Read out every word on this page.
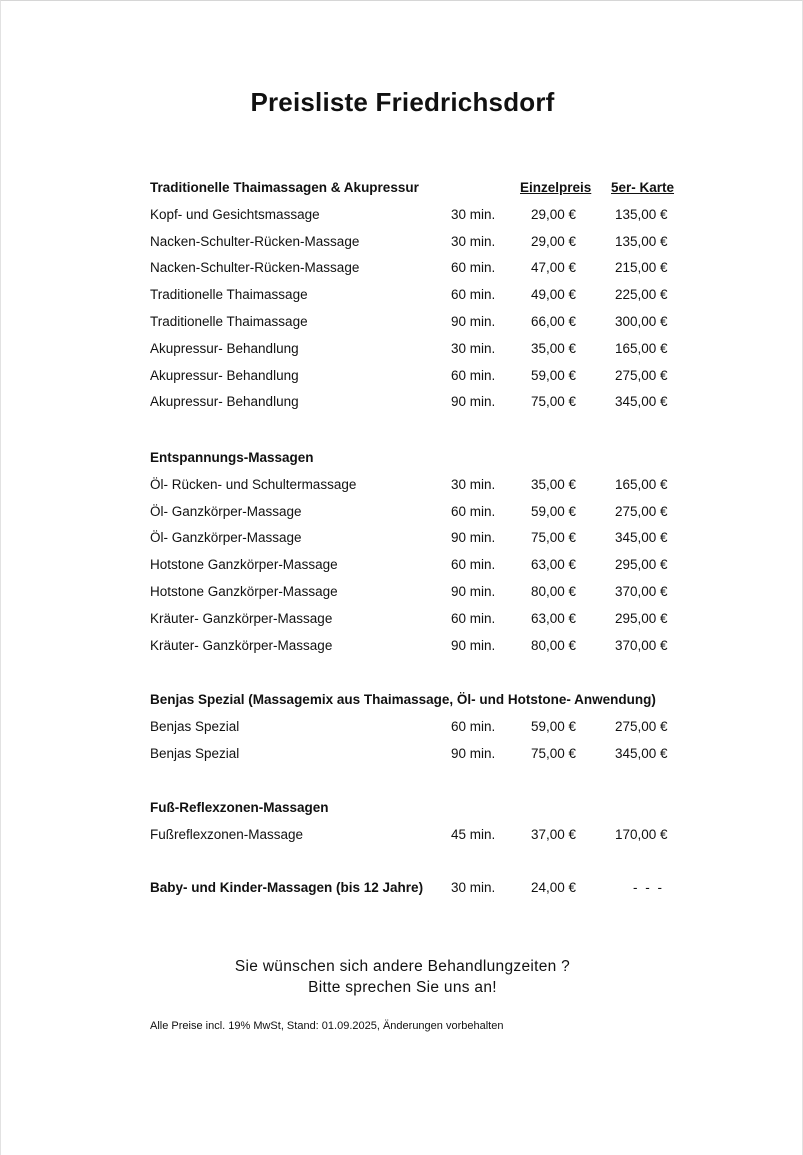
Preisliste Friedrichsdorf
Traditionelle Thaimassagen & Akupressur	Einzelpreis 5er- Karte
Kopf- und Gesichtsmassage	30 min.	29,00 €	135,00 €
Nacken-Schulter-Rücken-Massage	30 min.	29,00 €	135,00 €
Nacken-Schulter-Rücken-Massage	60 min.	47,00 €	215,00 €
Traditionelle Thaimassage	60 min.	49,00 €	225,00 €
Traditionelle Thaimassage	90 min.	66,00 €	300,00 €
Akupressur- Behandlung	30 min.	35,00 €	165,00 €
Akupressur- Behandlung	60 min.	59,00 €	275,00 €
Akupressur- Behandlung	90 min.	75,00 €	345,00 €
Entspannungs-Massagen
Öl- Rücken- und Schultermassage	30 min.	35,00 €	165,00 €
Öl- Ganzkörper-Massage	60 min.	59,00 €	275,00 €
Öl- Ganzkörper-Massage	90 min.	75,00 €	345,00 €
Hotstone Ganzkörper-Massage	60 min.	63,00 €	295,00 €
Hotstone Ganzkörper-Massage	90 min.	80,00 €	370,00 €
Kräuter- Ganzkörper-Massage	60 min.	63,00 €	295,00 €
Kräuter- Ganzkörper-Massage	90 min.	80,00 €	370,00 €
Benjas Spezial (Massagemix aus Thaimassage, Öl- und Hotstone- Anwendung)
Benjas Spezial	60 min.	59,00 €	275,00 €
Benjas Spezial	90 min.	75,00 €	345,00 €
Fuß-Reflexzonen-Massagen
Fußreflexzonen-Massage	45 min.	37,00 €	170,00 €
Baby- und Kinder-Massagen (bis 12 Jahre) 30 min.	24,00 €	- - -
Sie wünschen sich andere Behandlungzeiten ?
Bitte sprechen Sie uns an!
Alle Preise incl. 19% MwSt, Stand: 01.09.2025, Änderungen vorbehalten
